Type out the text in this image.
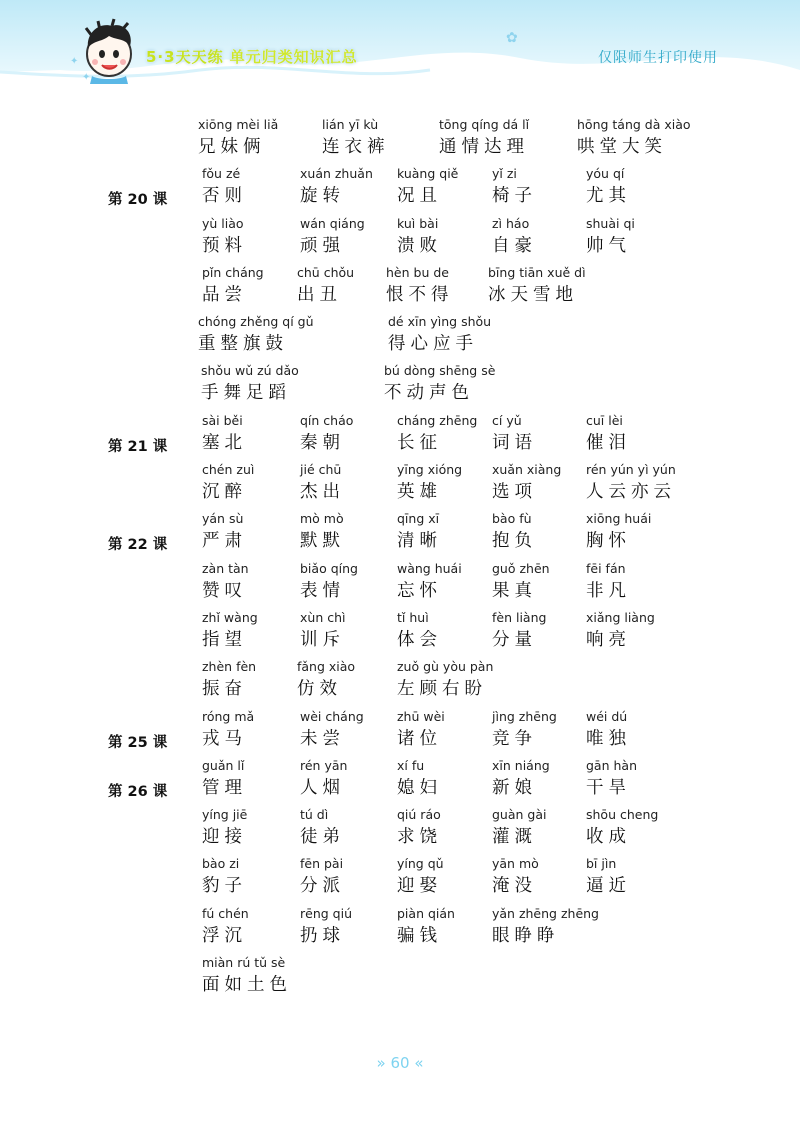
✦
✦
✿
5·3天天练 单元归类知识汇总	仅限师生打印使用
xiōng mèi liǎ
兄妹俩
lián yī kù
连衣裤
tōng qíng dá lǐ
通情达理
hōng táng dà xiào
哄堂大笑
第 20 课
fǒu zé
否则
xuán zhuǎn
旋转
kuàng qiě
况且
yǐ zi
椅子
yóu qí
尤其
yù liào
预料
wán qiáng
顽强
kuì bài
溃败
zì háo
自豪
shuài qi
帅气
pǐn cháng
品尝
chū chǒu
出丑
hèn bu de
恨不得
bīng tiān xuě dì
冰天雪地
chóng zhěng qí gǔ
重整旗鼓
dé xīn yìng shǒu
得心应手
shǒu wǔ zú dǎo
手舞足蹈
bú dòng shēng sè
不动声色
第 21 课
sài běi
塞北
qín cháo
秦朝
cháng zhēng
长征
cí yǔ
词语
cuī lèi
催泪
chén zuì
沉醉
jié chū
杰出
yīng xióng
英雄
xuǎn xiàng
选项
rén yún yì yún
人云亦云
第 22 课
yán sù
严肃
mò mò
默默
qīng xī
清晰
bào fù
抱负
xiōng huái
胸怀
zàn tàn
赞叹
biǎo qíng
表情
wàng huái
忘怀
guǒ zhēn
果真
fēi fán
非凡
zhǐ wàng
指望
xùn chì
训斥
tǐ huì
体会
fèn liàng
分量
xiǎng liàng
响亮
zhèn fèn
振奋
fǎng xiào
仿效
zuǒ gù yòu pàn
左顾右盼
第 25 课
róng mǎ
戎马
wèi cháng
未尝
zhū wèi
诸位
jìng zhēng
竞争
wéi dú
唯独
第 26 课
guǎn lǐ
管理
rén yān
人烟
xí fu
媳妇
xīn niáng
新娘
gān hàn
干旱
yíng jiē
迎接
tú dì
徒弟
qiú ráo
求饶
guàn gài
灌溉
shōu cheng
收成
bào zi
豹子
fēn pài
分派
yíng qǔ
迎娶
yān mò
淹没
bī jìn
逼近
fú chén
浮沉
rēng qiú
扔球
piàn qián
骗钱
yǎn zhēng zhēng
眼睁睁
miàn rú tǔ sè
面如土色
» 60 «
